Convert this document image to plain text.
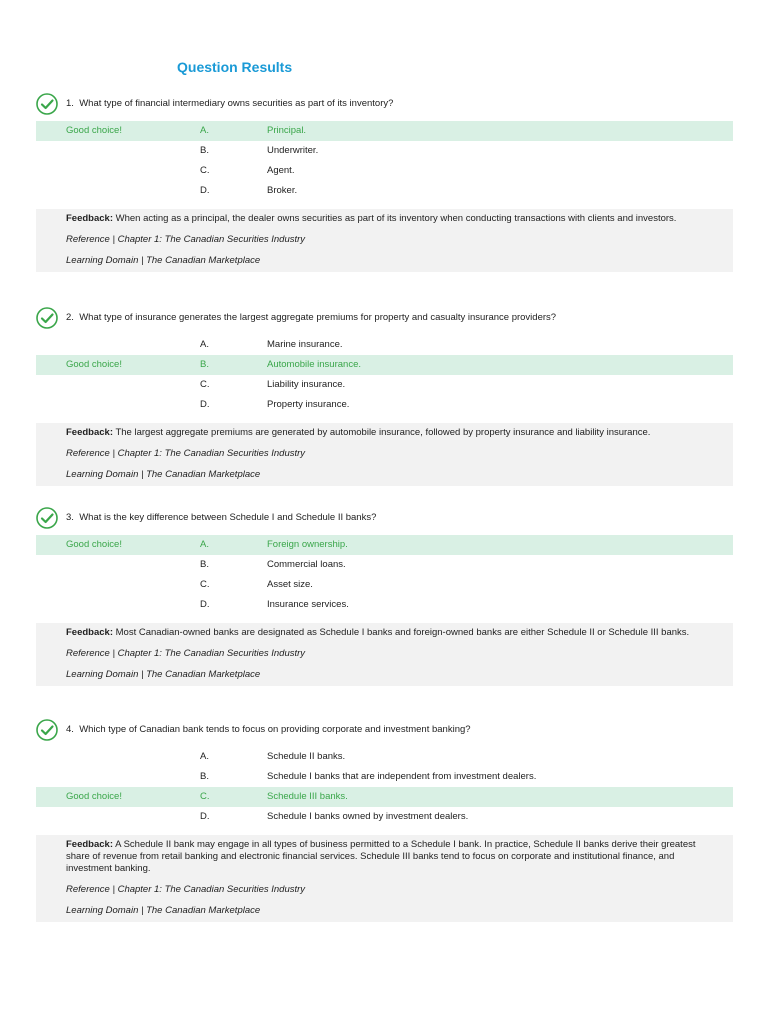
Question Results
1. What type of financial intermediary owns securities as part of its inventory?
Good choice!	A.	Principal.
B.	Underwriter.
C.	Agent.
D.	Broker.

Feedback: When acting as a principal, the dealer owns securities as part of its inventory when conducting transactions with clients and investors.

Reference | Chapter 1: The Canadian Securities Industry

Learning Domain | The Canadian Marketplace

2. What type of insurance generates the largest aggregate premiums for property and casualty insurance providers?
A.	Marine insurance.
Good choice!	B.	Automobile insurance.
C.	Liability insurance.
D.	Property insurance.

Feedback: The largest aggregate premiums are generated by automobile insurance, followed by property insurance and liability insurance.

Reference | Chapter 1: The Canadian Securities Industry

Learning Domain | The Canadian Marketplace

3. What is the key difference between Schedule I and Schedule II banks?
Good choice!	A.	Foreign ownership.
B.	Commercial loans.
C.	Asset size.
D.	Insurance services.

Feedback: Most Canadian-owned banks are designated as Schedule I banks and foreign-owned banks are either Schedule II or Schedule III banks.

Reference | Chapter 1: The Canadian Securities Industry

Learning Domain | The Canadian Marketplace

4. Which type of Canadian bank tends to focus on providing corporate and investment banking?
A.	Schedule II banks.
B.	Schedule I banks that are independent from investment dealers.
Good choice!	C.	Schedule III banks.
D.	Schedule I banks owned by investment dealers.

Feedback: A Schedule II bank may engage in all types of business permitted to a Schedule I bank. In practice, Schedule II banks derive their greatest share of revenue from retail banking and electronic financial services. Schedule III banks tend to focus on corporate and institutional finance, and investment banking.

Reference | Chapter 1: The Canadian Securities Industry

Learning Domain | The Canadian Marketplace
